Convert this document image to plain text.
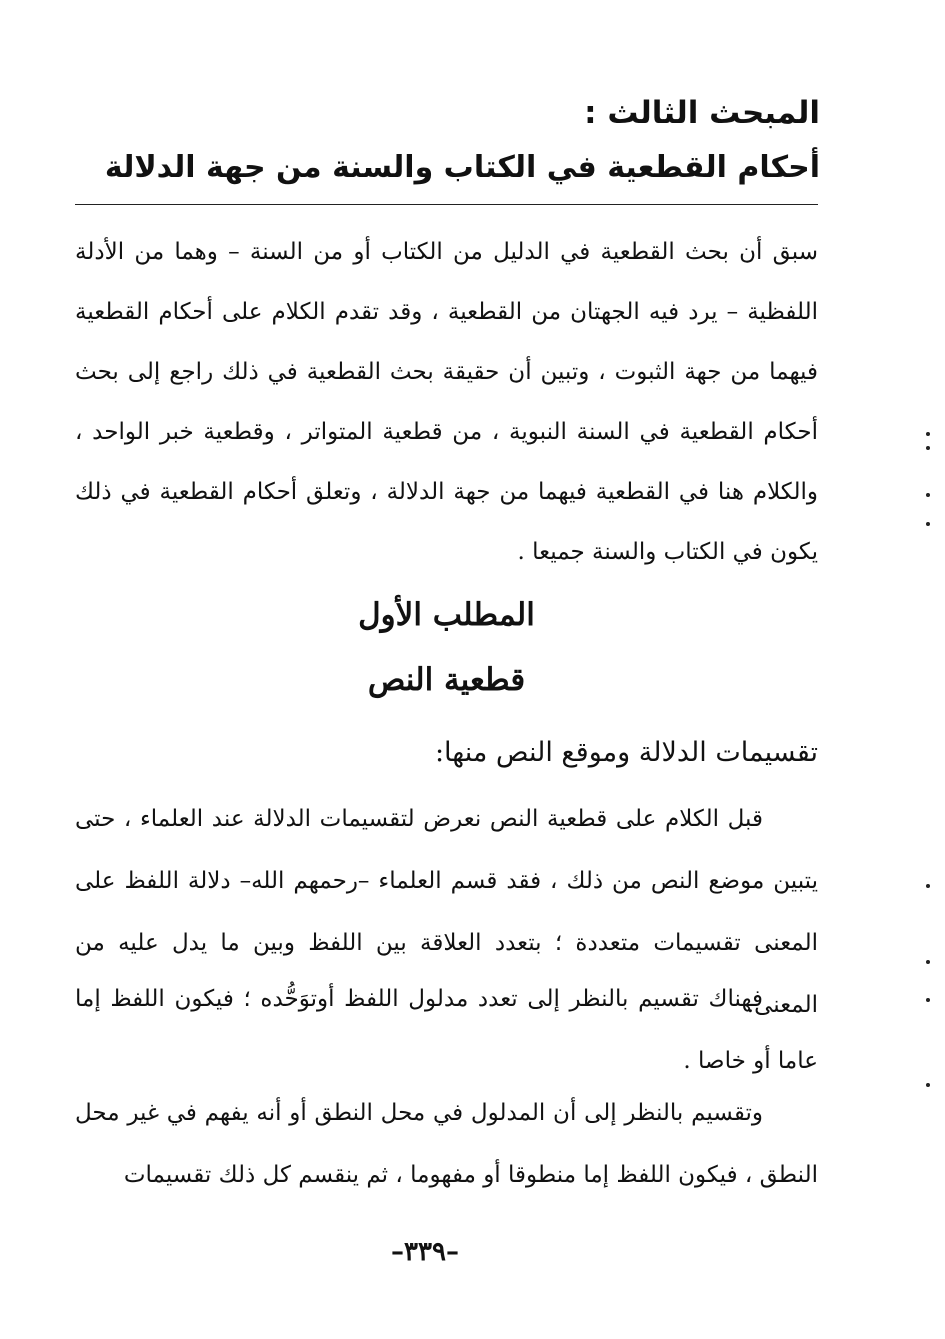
المبحث الثالث :
أحكام القطعية في الكتاب والسنة من جهة الدلالة
سبق أن بحث القطعية في الدليل من الكتاب أو من السنة – وهما من الأدلة اللفظية – يرد فيه الجهتان من القطعية ، وقد تقدم الكلام على أحكام القطعية فيهما من جهة الثبوت ، وتبين أن حقيقة بحث القطعية في ذلك راجع إلى بحث أحكام القطعية في السنة النبوية ، من قطعية المتواتر ، وقطعية خبر الواحد ، والكلام هنا في القطعية فيهما من جهة الدلالة ، وتعلق أحكام القطعية في ذلك يكون في الكتاب والسنة جميعا .
المطلب الأول
قطعية النص
تقسيمات الدلالة وموقع النص منها:
قبل الكلام على قطعية النص نعرض لتقسيمات الدلالة عند العلماء ، حتى يتبين موضع النص من ذلك ، فقد قسم العلماء –رحمهم الله– دلالة اللفظ على المعنى تقسيمات متعددة ؛ بتعدد العلاقة بين اللفظ وبين ما يدل عليه من المعنى.
فهناك تقسيم بالنظر إلى تعدد مدلول اللفظ أوتوَحُّده ؛ فيكون اللفظ إما عاما أو خاصا .
وتقسيم بالنظر إلى أن المدلول في محل النطق أو أنه يفهم في غير محل النطق ، فيكون اللفظ إما منطوقا أو مفهوما ، ثم ينقسم كل ذلك تقسيمات
–٣٣٩–
